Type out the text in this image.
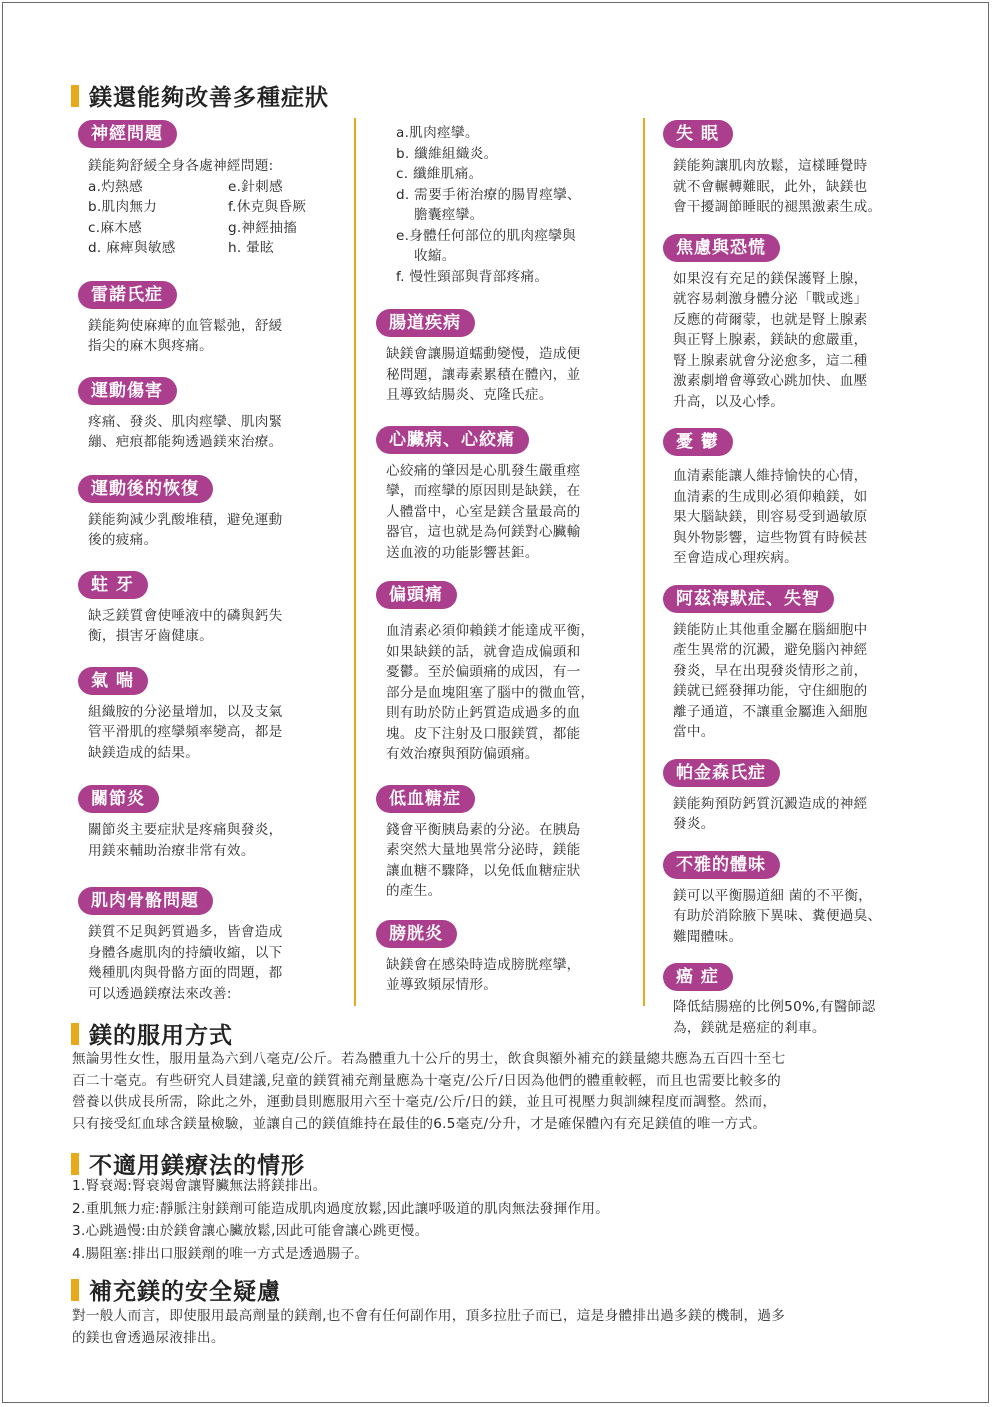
鎂還能夠改善多種症狀
神經問題
鎂能夠舒緩全身各處神經問題:
a.灼熱感	e.針刺感
b.肌肉無力	f.休克與昏厥
c.麻木感	g.神經抽搐
d. 麻痺與敏感	h. 暈眩
雷諾氏症
鎂能夠使麻痺的血管鬆弛，舒緩
指尖的麻木與疼痛。
運動傷害
疼痛、發炎、肌肉痙攣、肌肉緊
繃、疤痕都能夠透過鎂來治療。
運動後的恢復
鎂能夠減少乳酸堆積，避免運動
後的疲痛。
蛀 牙
缺乏鎂質會使唾液中的磷與鈣失
衡，損害牙齒健康。
氣 喘
組織胺的分泌量增加，以及支氣
管平滑肌的痙攣頻率變高，都是
缺鎂造成的結果。
關節炎
關節炎主要症狀是疼痛與發炎，
用鎂來輔助治療非常有效。
肌肉骨骼問題
鎂質不足與鈣質過多，皆會造成
身體各處肌肉的持續收縮，以下
幾種肌肉與骨骼方面的問題，都
可以透過鎂療法來改善:
a.肌肉痙攣。
b. 纖維組織炎。
c. 纖維肌痛。
d. 需要手術治療的腸胃痙攣、
膽囊痙攣。
e.身體任何部位的肌肉痙攣與
收縮。
f. 慢性頸部與背部疼痛。
腸道疾病
缺鎂會讓腸道蠕動變慢，造成便
秘問題，讓毒素累積在體內，並
且導致結腸炎、克隆氏症。
心臟病、心絞痛
心絞痛的肇因是心肌發生嚴重痙
攣，而痙攣的原因則是缺鎂，在
人體當中，心室是鎂含量最高的
器官，這也就是為何鎂對心臟輸
送血液的功能影響甚鉅。
偏頭痛
血清素必須仰賴鎂才能達成平衡，
如果缺鎂的話，就會造成偏頭和
憂鬱。至於偏頭痛的成因，有一
部分是血塊阻塞了腦中的微血管，
則有助於防止鈣質造成過多的血
塊。皮下注射及口服鎂質，都能
有效治療與預防偏頭痛。
低血糖症
錢會平衡胰島素的分泌。在胰島
素突然大量地異常分泌時，鎂能
讓血糖不驟降，以免低血糖症狀
的產生。
膀胱炎
缺鎂會在感染時造成膀胱痙攣，
並導致頻尿情形。
失 眠
鎂能夠讓肌肉放鬆，這樣睡覺時
就不會輾轉難眠，此外，缺鎂也
會干擾調節睡眠的褪黑激素生成。
焦慮與恐慌
如果沒有充足的鎂保護腎上腺，
就容易刺激身體分泌「戰或逃」
反應的荷爾蒙，也就是腎上腺素
與正腎上腺素，鎂缺的愈嚴重，
腎上腺素就會分泌愈多，這二種
激素劇增會導致心跳加快、血壓
升高，以及心悸。
憂 鬱
血清素能讓人維持愉快的心情，
血清素的生成則必須仰賴鎂，如
果大腦缺鎂，則容易受到過敏原
與外物影響，這些物質有時候甚
至會造成心理疾病。
阿茲海默症、失智
鎂能防止其他重金屬在腦細胞中
產生異常的沉澱，避免腦內神經
發炎，早在出現發炎情形之前，
鎂就已經發揮功能，守住細胞的
離子通道，不讓重金屬進入細胞
當中。
帕金森氏症
鎂能夠預防鈣質沉澱造成的神經
發炎。
不雅的體味
鎂可以平衡腸道細 菌的不平衡，
有助於消除腋下異味、糞便過臭、
難聞體味。
癌 症
降低結腸癌的比例50%,有醫師認
為，鎂就是癌症的剎車。
鎂的服用方式
無論男性女性，服用量為六到八毫克/公斤。若為體重九十公斤的男士，飲食與額外補充的鎂量總共應為五百四十至七
百二十毫克。有些研究人員建議,兒童的鎂質補充劑量應為十毫克/公斤/日因為他們的體重較輕，而且也需要比較多的
營養以供成長所需，除此之外，運動員則應服用六至十毫克/公斤/日的鎂，並且可視壓力與訓練程度而調整。然而，
只有接受紅血球含鎂量檢驗，並讓自己的鎂值維持在最佳的6.5毫克/分升，才是確保體內有充足鎂值的唯一方式。
不適用鎂療法的情形
1.腎衰竭:腎衰竭會讓腎臟無法將鎂排出。
2.重肌無力症:靜脈注射鎂劑可能造成肌肉過度放鬆,因此讓呼吸道的肌肉無法發揮作用。
3.心跳過慢:由於鎂會讓心臟放鬆,因此可能會讓心跳更慢。
4.腸阻塞:排出口服鎂劑的唯一方式是透過腸子。
補充鎂的安全疑慮
對一般人而言，即使服用最高劑量的鎂劑,也不會有任何副作用，頂多拉肚子而已，這是身體排出過多鎂的機制，過多
的鎂也會透過尿液排出。
